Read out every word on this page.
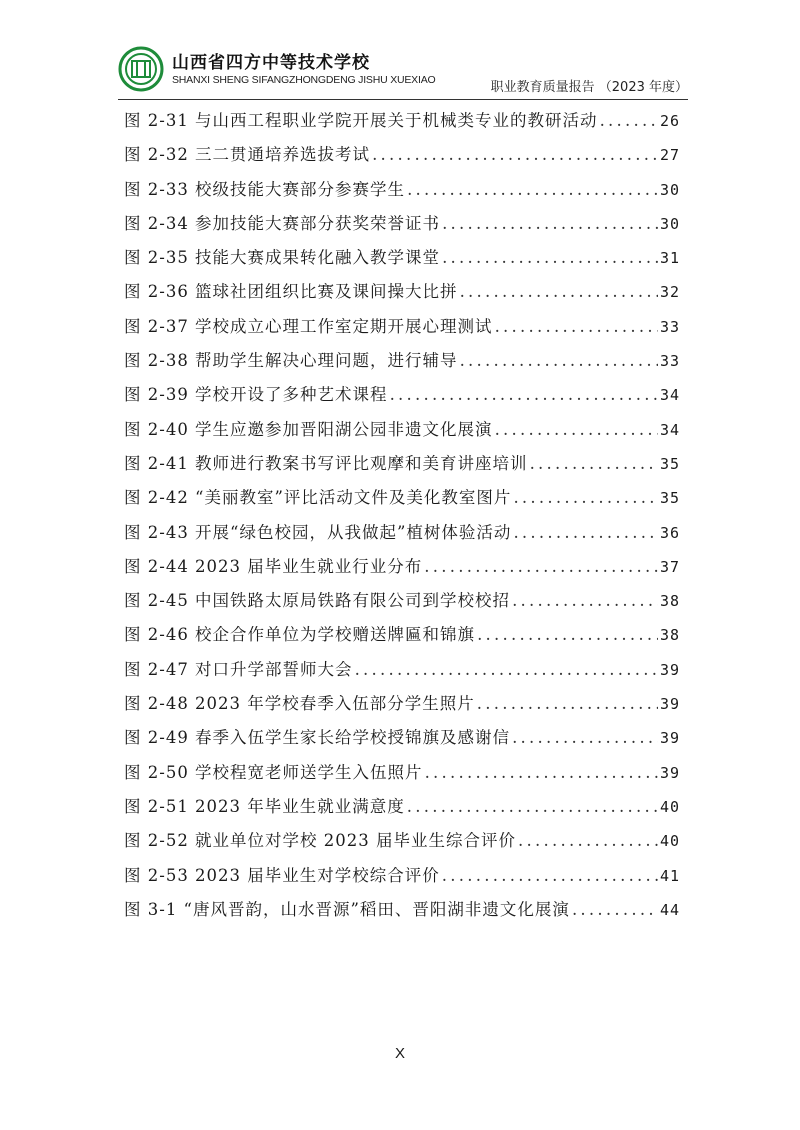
山西省四方中等技术学校
SHANXI SHENG SIFANGZHONGDENG JISHU XUEXIAO	职业教育质量报告 （2023 年度）
图 2-31 与山西工程职业学院开展关于机械类专业的教研活动 . . .	26
图 2-32 三二贯通培养选拔考试 . . .	27
图 2-33 校级技能大赛部分参赛学生 . . .	30
图 2-34 参加技能大赛部分获奖荣誉证书 . . .	30
图 2-35 技能大赛成果转化融入教学课堂 . . .	31
图 2-36 篮球社团组织比赛及课间操大比拼 . . .	32
图 2-37 学校成立心理工作室定期开展心理测试 . . .	33
图 2-38 帮助学生解决心理问题，进行辅导 . . .	33
图 2-39 学校开设了多种艺术课程 . . .	34
图 2-40 学生应邀参加晋阳湖公园非遗文化展演 . . .	34
图 2-41 教师进行教案书写评比观摩和美育讲座培训 . . .	35
图 2-42 “美丽教室”评比活动文件及美化教室图片 . . .	35
图 2-43 开展“绿色校园，从我做起”植树体验活动 . . .	36
图 2-44 2023 届毕业生就业行业分布 . . .	37
图 2-45 中国铁路太原局铁路有限公司到学校校招 . . .	38
图 2-46 校企合作单位为学校赠送牌匾和锦旗 . . .	38
图 2-47 对口升学部誓师大会 . . .	39
图 2-48 2023 年学校春季入伍部分学生照片 . . .	39
图 2-49 春季入伍学生家长给学校授锦旗及感谢信 . . .	39
图 2-50 学校程宽老师送学生入伍照片 . . .	39
图 2-51 2023 年毕业生就业满意度 . . .	40
图 2-52 就业单位对学校 2023 届毕业生综合评价 . . .	40
图 2-53 2023 届毕业生对学校综合评价 . . .	41
图 3-1 “唐风晋韵，山水晋源”稻田、晋阳湖非遗文化展演 . . .	44
X
